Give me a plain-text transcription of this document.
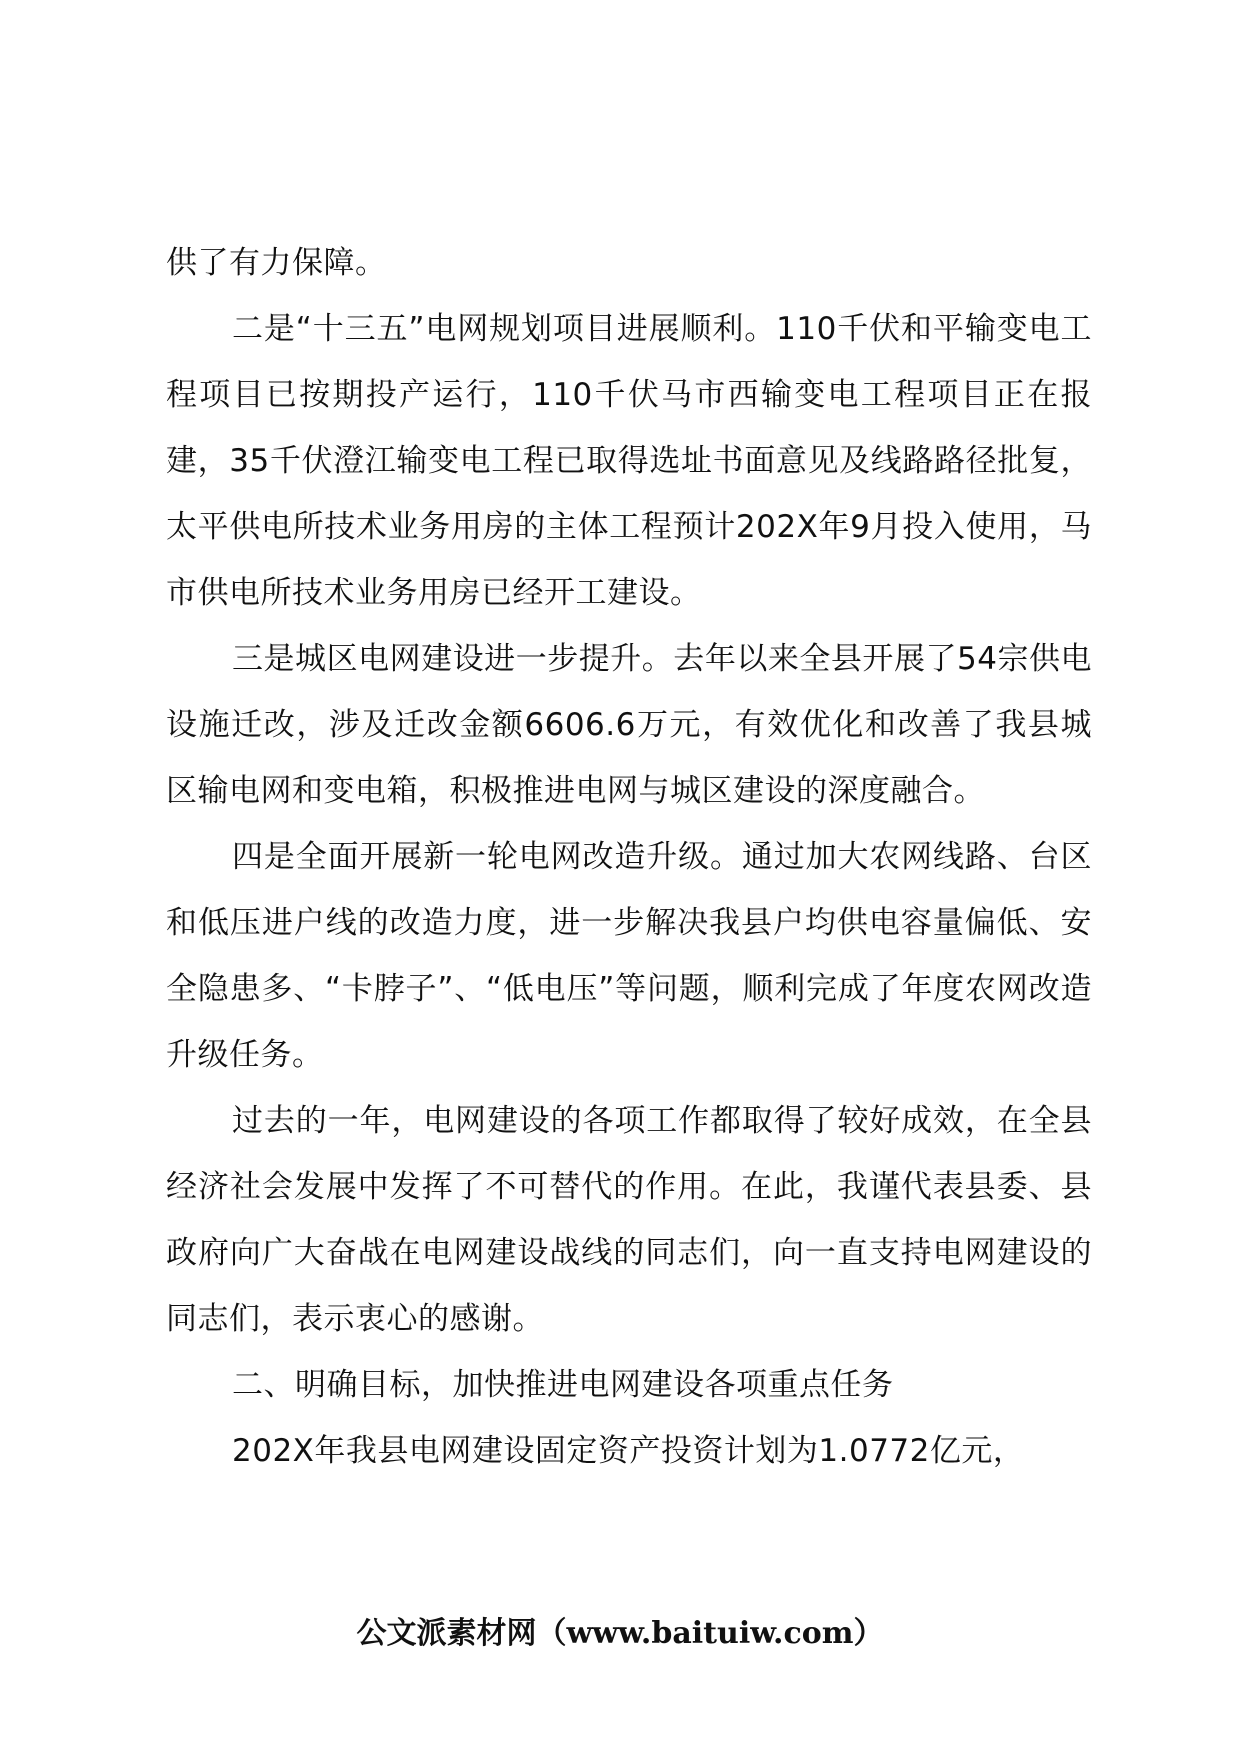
供了有力保障。

二是“十三五”电网规划项目进展顺利。110千伏和平输变电工程项目已按期投产运行，110千伏马市西输变电工程项目正在报建，35千伏澄江输变电工程已取得选址书面意见及线路路径批复，太平供电所技术业务用房的主体工程预计202X年9月投入使用，马市供电所技术业务用房已经开工建设。

三是城区电网建设进一步提升。去年以来全县开展了54宗供电设施迁改，涉及迁改金额6606.6万元，有效优化和改善了我县城区输电网和变电箱，积极推进电网与城区建设的深度融合。

四是全面开展新一轮电网改造升级。通过加大农网线路、台区和低压进户线的改造力度，进一步解决我县户均供电容量偏低、安全隐患多、“卡脖子”、“低电压”等问题，顺利完成了年度农网改造升级任务。

过去的一年，电网建设的各项工作都取得了较好成效，在全县经济社会发展中发挥了不可替代的作用。在此，我谨代表县委、县政府向广大奋战在电网建设战线的同志们，向一直支持电网建设的同志们，表示衷心的感谢。

二、明确目标，加快推进电网建设各项重点任务

202X年我县电网建设固定资产投资计划为1.0772亿元，

公文派素材网（www.baituiw.com）
